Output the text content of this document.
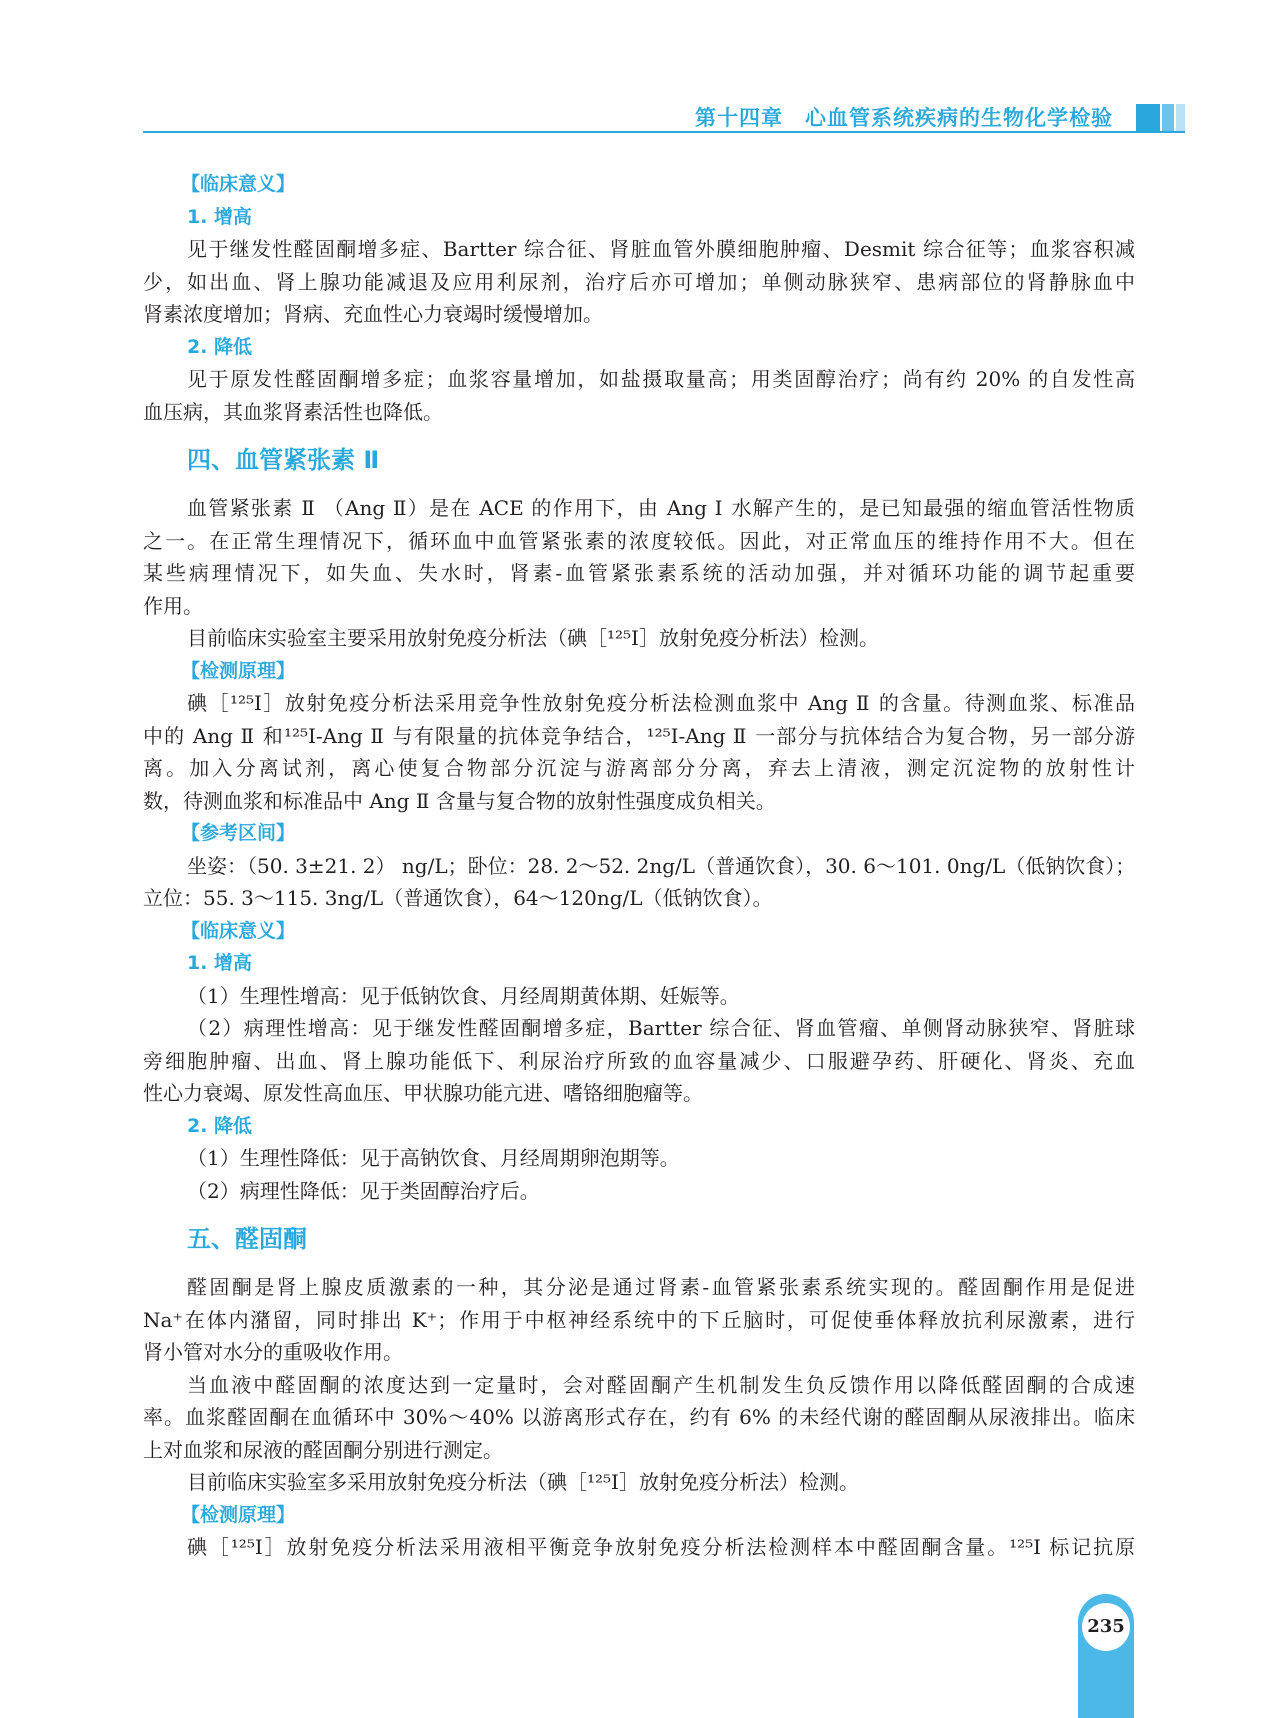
第十四章 心血管系统疾病的生物化学检验
【临床意义】
1. 增高
见于继发性醛固酮增多症、Bartter 综合征、肾脏血管外膜细胞肿瘤、Desmit 综合征等；血浆容积减
少，如出血、肾上腺功能减退及应用利尿剂，治疗后亦可增加；单侧动脉狭窄、患病部位的肾静脉血中
肾素浓度增加；肾病、充血性心力衰竭时缓慢增加。
2. 降低
见于原发性醛固酮增多症；血浆容量增加，如盐摄取量高；用类固醇治疗；尚有约 20% 的自发性高
血压病，其血浆肾素活性也降低。
四、血管紧张素 Ⅱ
血管紧张素 Ⅱ （Ang Ⅱ）是在 ACE 的作用下，由 Ang Ⅰ 水解产生的，是已知最强的缩血管活性物质
之一。在正常生理情况下，循环血中血管紧张素的浓度较低。因此，对正常血压的维持作用不大。但在
某些病理情况下，如失血、失水时，肾素-血管紧张素系统的活动加强，并对循环功能的调节起重要
作用。
目前临床实验室主要采用放射免疫分析法（碘［¹²⁵I］放射免疫分析法）检测。
【检测原理】
碘［¹²⁵I］放射免疫分析法采用竞争性放射免疫分析法检测血浆中 Ang Ⅱ 的含量。待测血浆、标准品
中的 Ang Ⅱ 和¹²⁵I-Ang Ⅱ 与有限量的抗体竞争结合，¹²⁵I-Ang Ⅱ 一部分与抗体结合为复合物，另一部分游
离。加入分离试剂，离心使复合物部分沉淀与游离部分分离，弃去上清液，测定沉淀物的放射性计
数，待测血浆和标准品中 Ang Ⅱ 含量与复合物的放射性强度成负相关。
【参考区间】
坐姿：（50. 3±21. 2） ng/L；卧位：28. 2～52. 2ng/L（普通饮食），30. 6～101. 0ng/L（低钠饮食）；
立位：55. 3～115. 3ng/L（普通饮食），64～120ng/L（低钠饮食）。
【临床意义】
1. 增高
（1）生理性增高：见于低钠饮食、月经周期黄体期、妊娠等。
（2）病理性增高：见于继发性醛固酮增多症，Bartter 综合征、肾血管瘤、单侧肾动脉狭窄、肾脏球
旁细胞肿瘤、出血、肾上腺功能低下、利尿治疗所致的血容量减少、口服避孕药、肝硬化、肾炎、充血
性心力衰竭、原发性高血压、甲状腺功能亢进、嗜铬细胞瘤等。
2. 降低
（1）生理性降低：见于高钠饮食、月经周期卵泡期等。
（2）病理性降低：见于类固醇治疗后。
五、醛固酮
醛固酮是肾上腺皮质激素的一种，其分泌是通过肾素-血管紧张素系统实现的。醛固酮作用是促进
Na⁺在体内潴留，同时排出 K⁺；作用于中枢神经系统中的下丘脑时，可促使垂体释放抗利尿激素，进行
肾小管对水分的重吸收作用。
当血液中醛固酮的浓度达到一定量时，会对醛固酮产生机制发生负反馈作用以降低醛固酮的合成速
率。血浆醛固酮在血循环中 30%～40% 以游离形式存在，约有 6% 的未经代谢的醛固酮从尿液排出。临床
上对血浆和尿液的醛固酮分别进行测定。
目前临床实验室多采用放射免疫分析法（碘［¹²⁵I］放射免疫分析法）检测。
【检测原理】
碘［¹²⁵I］放射免疫分析法采用液相平衡竞争放射免疫分析法检测样本中醛固酮含量。¹²⁵I 标记抗原
235
